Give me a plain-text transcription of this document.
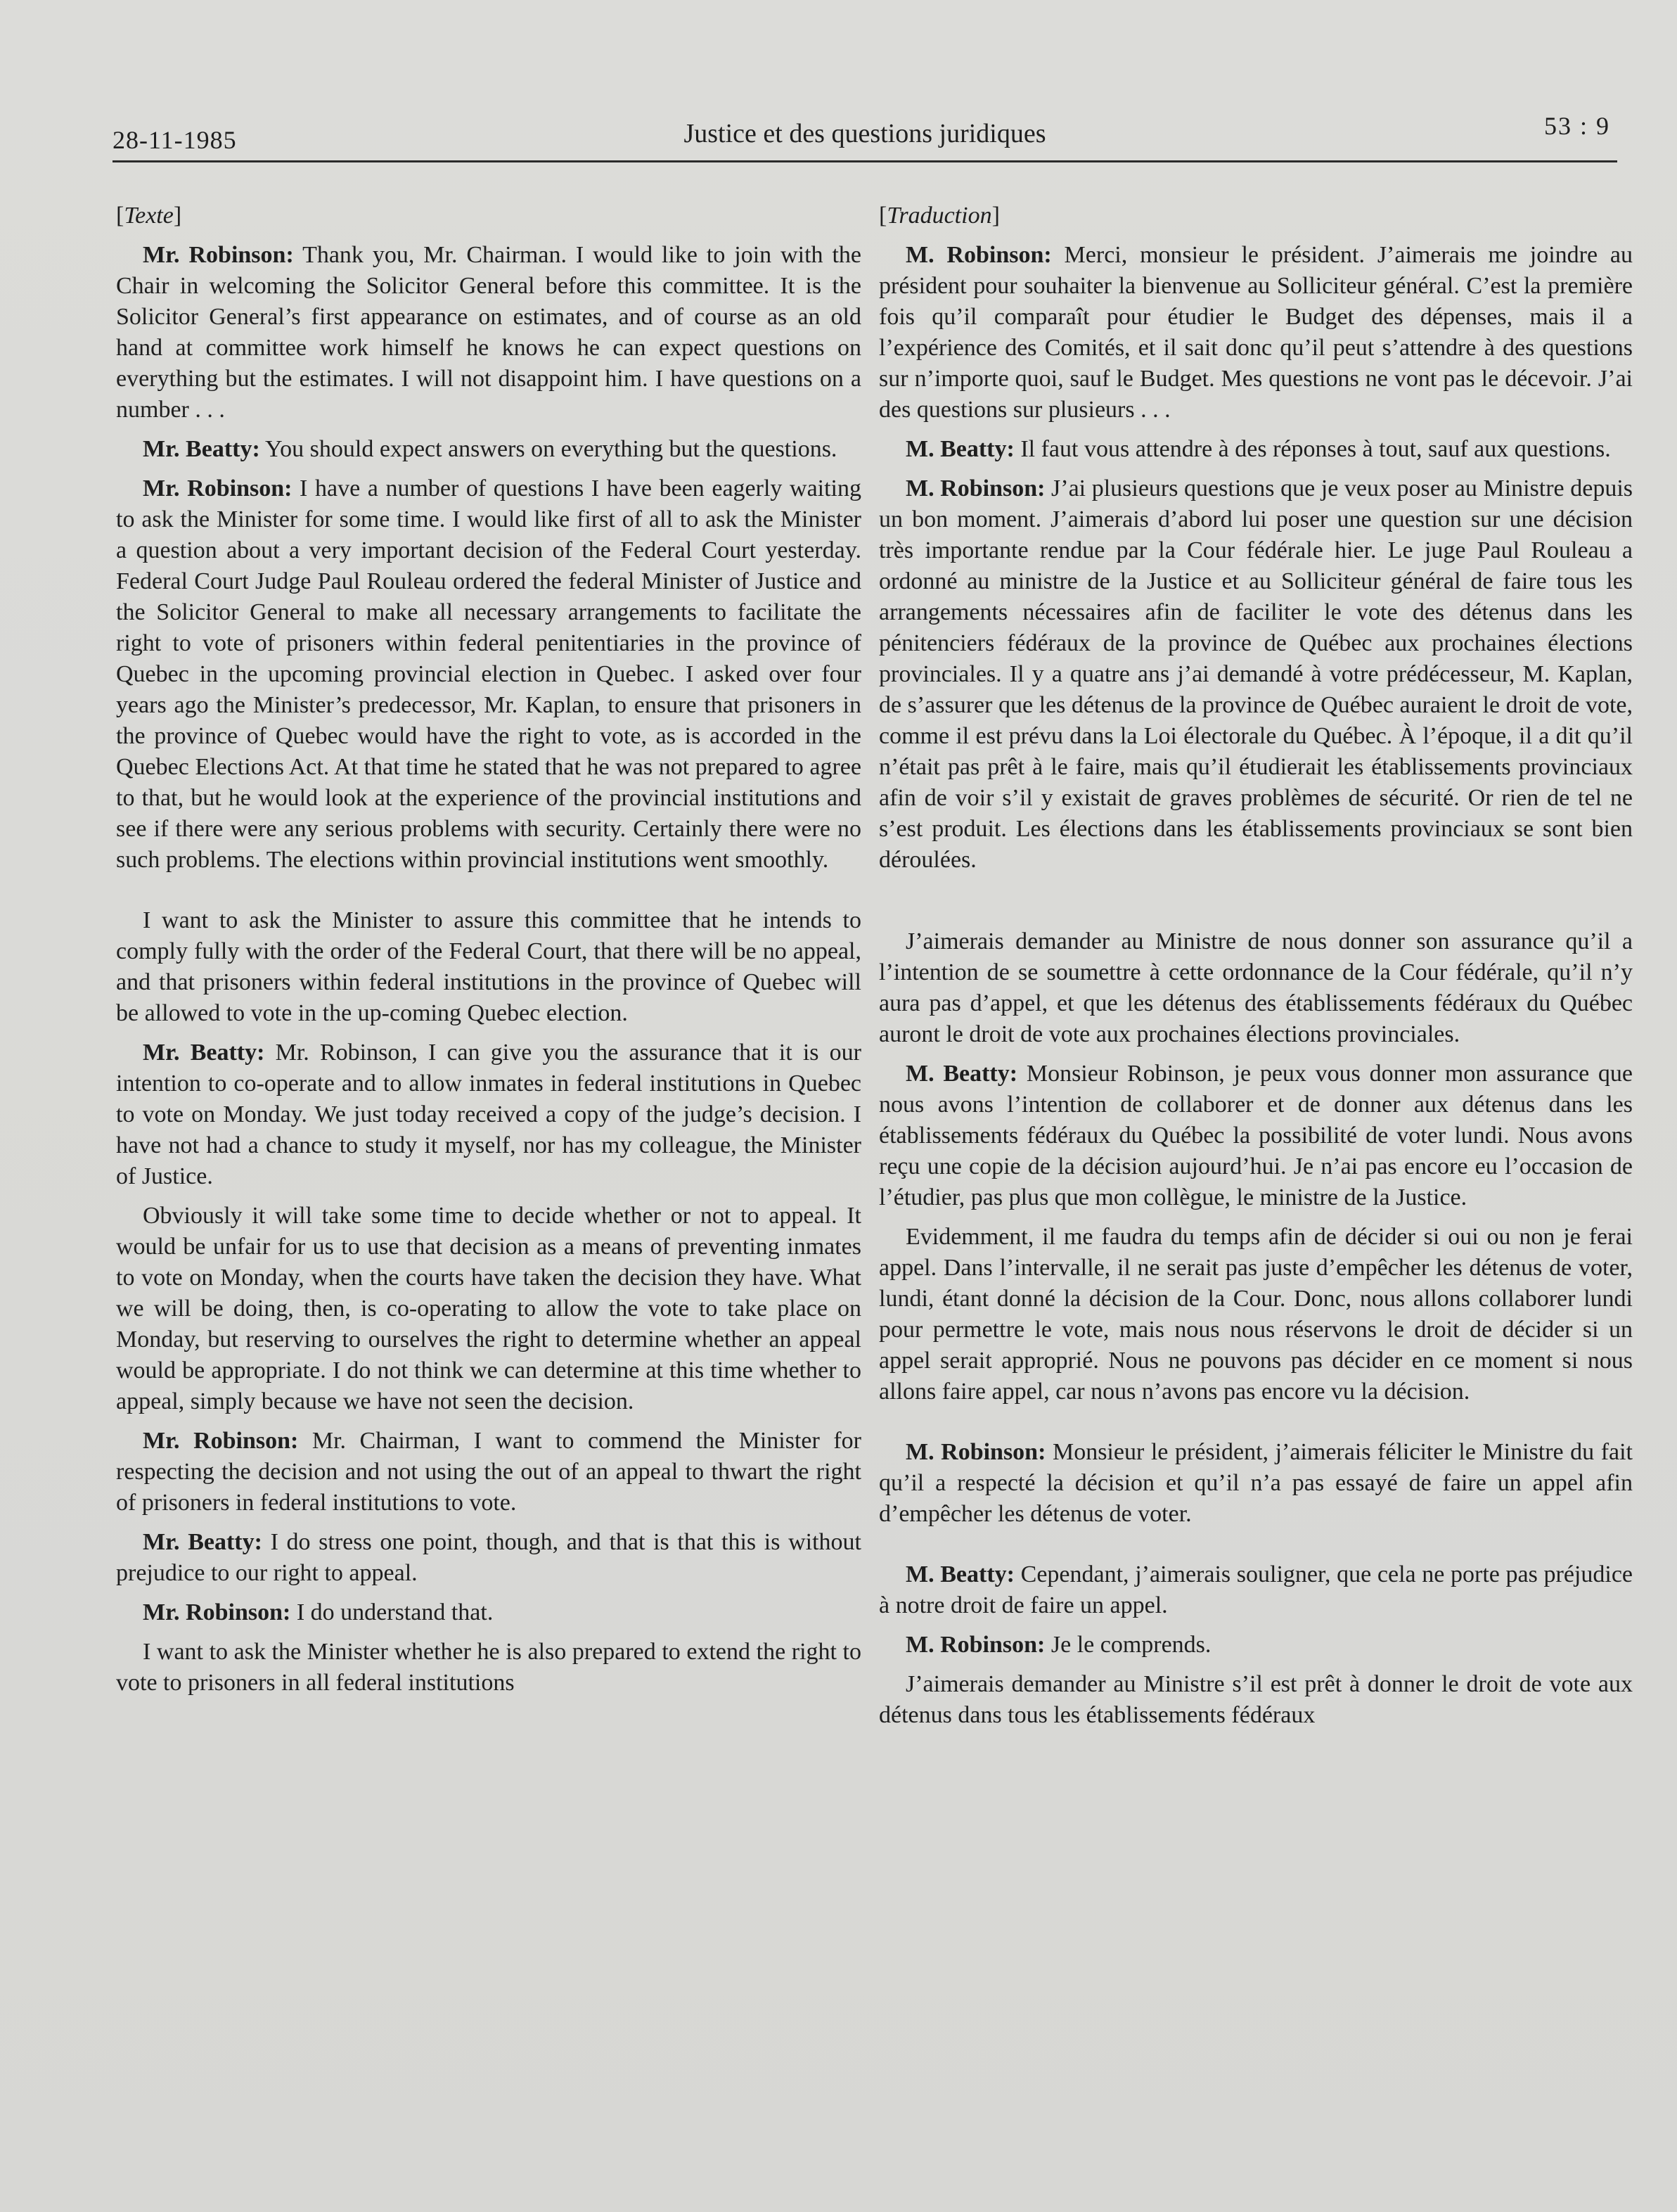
28-11-1985	Justice et des questions juridiques	53 : 9

[Texte]

Mr. Robinson: Thank you, Mr. Chairman. I would like to join with the Chair in welcoming the Solicitor General before this committee. It is the Solicitor General’s first appearance on estimates, and of course as an old hand at committee work himself he knows he can expect questions on everything but the estimates. I will not disappoint him. I have questions on a number . . .

Mr. Beatty: You should expect answers on everything but the questions.

Mr. Robinson: I have a number of questions I have been eagerly waiting to ask the Minister for some time. I would like first of all to ask the Minister a question about a very important decision of the Federal Court yesterday. Federal Court Judge Paul Rouleau ordered the federal Minister of Justice and the Solicitor General to make all necessary arrangements to facilitate the right to vote of prisoners within federal penitentiaries in the province of Quebec in the upcoming provincial election in Quebec. I asked over four years ago the Minister’s predecessor, Mr. Kaplan, to ensure that prisoners in the province of Quebec would have the right to vote, as is accorded in the Quebec Elections Act. At that time he stated that he was not prepared to agree to that, but he would look at the experience of the provincial institutions and see if there were any serious problems with security. Certainly there were no such problems. The elections within provincial institutions went smoothly.

I want to ask the Minister to assure this committee that he intends to comply fully with the order of the Federal Court, that there will be no appeal, and that prisoners within federal institutions in the province of Quebec will be allowed to vote in the up-coming Quebec election.

Mr. Beatty: Mr. Robinson, I can give you the assurance that it is our intention to co-operate and to allow inmates in federal institutions in Quebec to vote on Monday. We just today received a copy of the judge’s decision. I have not had a chance to study it myself, nor has my colleague, the Minister of Justice.

Obviously it will take some time to decide whether or not to appeal. It would be unfair for us to use that decision as a means of preventing inmates to vote on Monday, when the courts have taken the decision they have. What we will be doing, then, is co-operating to allow the vote to take place on Monday, but reserving to ourselves the right to determine whether an appeal would be appropriate. I do not think we can determine at this time whether to appeal, simply because we have not seen the decision.

Mr. Robinson: Mr. Chairman, I want to commend the Minister for respecting the decision and not using the out of an appeal to thwart the right of prisoners in federal institutions to vote.

Mr. Beatty: I do stress one point, though, and that is that this is without prejudice to our right to appeal.

Mr. Robinson: I do understand that.

I want to ask the Minister whether he is also prepared to extend the right to vote to prisoners in all federal institutions

[Traduction]

M. Robinson: Merci, monsieur le président. J’aimerais me joindre au président pour souhaiter la bienvenue au Solliciteur général. C’est la première fois qu’il comparaît pour étudier le Budget des dépenses, mais il a l’expérience des Comités, et il sait donc qu’il peut s’attendre à des questions sur n’importe quoi, sauf le Budget. Mes questions ne vont pas le décevoir. J’ai des questions sur plusieurs . . .

M. Beatty: Il faut vous attendre à des réponses à tout, sauf aux questions.

M. Robinson: J’ai plusieurs questions que je veux poser au Ministre depuis un bon moment. J’aimerais d’abord lui poser une question sur une décision très importante rendue par la Cour fédérale hier. Le juge Paul Rouleau a ordonné au ministre de la Justice et au Solliciteur général de faire tous les arrangements nécessaires afin de faciliter le vote des détenus dans les pénitenciers fédéraux de la province de Québec aux prochaines élections provinciales. Il y a quatre ans j’ai demandé à votre prédécesseur, M. Kaplan, de s’assurer que les détenus de la province de Québec auraient le droit de vote, comme il est prévu dans la Loi électorale du Québec. À l’époque, il a dit qu’il n’était pas prêt à le faire, mais qu’il étudierait les établissements provinciaux afin de voir s’il y existait de graves problèmes de sécurité. Or rien de tel ne s’est produit. Les élections dans les établissements provinciaux se sont bien déroulées.

J’aimerais demander au Ministre de nous donner son assurance qu’il a l’intention de se soumettre à cette ordonnance de la Cour fédérale, qu’il n’y aura pas d’appel, et que les détenus des établissements fédéraux du Québec auront le droit de vote aux prochaines élections provinciales.

M. Beatty: Monsieur Robinson, je peux vous donner mon assurance que nous avons l’intention de collaborer et de donner aux détenus dans les établissements fédéraux du Québec la possibilité de voter lundi. Nous avons reçu une copie de la décision aujourd’hui. Je n’ai pas encore eu l’occasion de l’étudier, pas plus que mon collègue, le ministre de la Justice.

Evidemment, il me faudra du temps afin de décider si oui ou non je ferai appel. Dans l’intervalle, il ne serait pas juste d’empêcher les détenus de voter, lundi, étant donné la décision de la Cour. Donc, nous allons collaborer lundi pour permettre le vote, mais nous nous réservons le droit de décider si un appel serait approprié. Nous ne pouvons pas décider en ce moment si nous allons faire appel, car nous n’avons pas encore vu la décision.

M. Robinson: Monsieur le président, j’aimerais féliciter le Ministre du fait qu’il a respecté la décision et qu’il n’a pas essayé de faire un appel afin d’empêcher les détenus de voter.

M. Beatty: Cependant, j’aimerais souligner, que cela ne porte pas préjudice à notre droit de faire un appel.

M. Robinson: Je le comprends.

J’aimerais demander au Ministre s’il est prêt à donner le droit de vote aux détenus dans tous les établissements fédéraux
